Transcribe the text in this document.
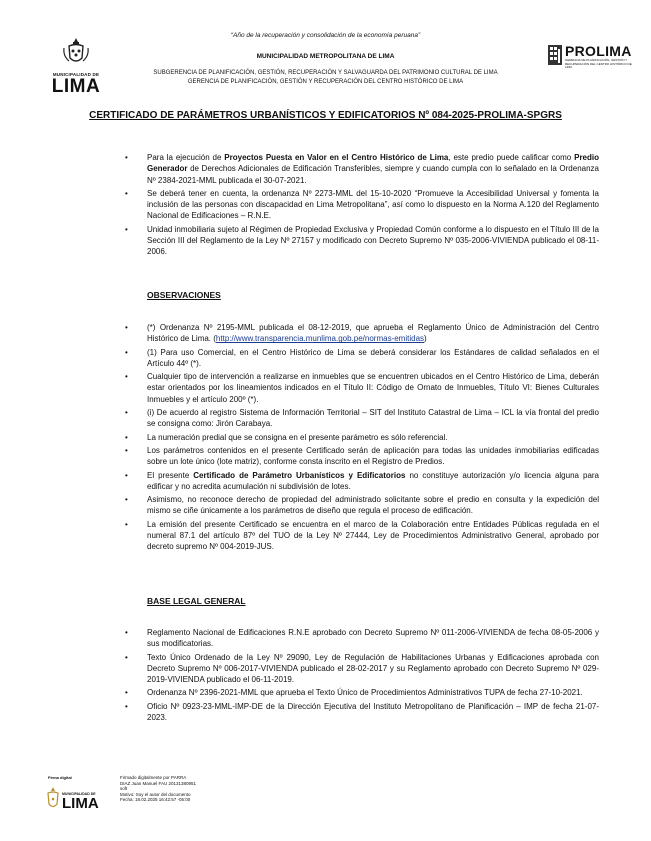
“Año de la recuperación y consolidación de la economía peruana”
MUNICIPALIDAD DE
LIMA
MUNICIPALIDAD METROPOLITANA DE LIMA
SUBGERENCIA DE PLANIFICACIÓN, GESTIÓN, RECUPERACIÓN Y SALVAGUARDA DEL PATRIMONIO CULTURAL DE LIMA
GERENCIA DE PLANIFICACIÓN, GESTIÓN Y RECUPERACIÓN DEL CENTRO HISTÓRICO DE LIMA
PROLIMA
GERENCIA DE PLANIFICACIÓN, GESTIÓN Y RECUPERACIÓN DEL CENTRO HISTÓRICO DE LIMA
CERTIFICADO DE PARÁMETROS URBANÍSTICOS Y EDIFICATORIOS Nº 084-2025-PROLIMA-SPGRS
• Para la ejecución de Proyectos Puesta en Valor en el Centro Histórico de Lima, este predio puede calificar como Predio Generador de Derechos Adicionales de Edificación Transferibles, siempre y cuando cumpla con lo señalado en la Ordenanza Nº 2384-2021-MML publicada el 30-07-2021.
• Se deberá tener en cuenta, la ordenanza Nº 2273-MML del 15-10-2020 “Promueve la Accesibilidad Universal y fomenta la inclusión de las personas con discapacidad en Lima Metropolitana”, así como lo dispuesto en la Norma A.120 del Reglamento Nacional de Edificaciones – R.N.E.
• Unidad inmobiliaria sujeto al Régimen de Propiedad Exclusiva y Propiedad Común conforme a lo dispuesto en el Título III de la Sección III del Reglamento de la Ley Nº 27157 y modificado con Decreto Supremo Nº 035-2006-VIVIENDA publicado el 08-11-2006.
OBSERVACIONES
• (*) Ordenanza Nº 2195-MML publicada el 08-12-2019, que aprueba el Reglamento Único de Administración del Centro Histórico de Lima. (http://www.transparencia.munlima.gob.pe/normas-emitidas)
• (1) Para uso Comercial, en el Centro Histórico de Lima se deberá considerar los Estándares de calidad señalados en el Artículo 44º (*).
• Cualquier tipo de intervención a realizarse en inmuebles que se encuentren ubicados en el Centro Histórico de Lima, deberán estar orientados por los lineamientos indicados en el Título II: Código de Ornato de Inmuebles, Título VI: Bienes Culturales Inmuebles y el artículo 200º (*).
• (i) De acuerdo al registro Sistema de Información Territorial – SIT del Instituto Catastral de Lima – ICL la vía frontal del predio se consigna como: Jirón Carabaya.
• La numeración predial que se consigna en el presente parámetro es sólo referencial.
• Los parámetros contenidos en el presente Certificado serán de aplicación para todas las unidades inmobiliarias edificadas sobre un lote único (lote matriz), conforme consta inscrito en el Registro de Predios.
• El presente Certificado de Parámetro Urbanísticos y Edificatorios no constituye autorización y/o licencia alguna para edificar y no acredita acumulación ni subdivisión de lotes.
• Asimismo, no reconoce derecho de propiedad del administrado solicitante sobre el predio en consulta y la expedición del mismo se ciñe únicamente a los parámetros de diseño que regula el proceso de edificación.
• La emisión del presente Certificado se encuentra en el marco de la Colaboración entre Entidades Públicas regulada en el numeral 87.1 del artículo 87º del TUO de la Ley Nº 27444, Ley de Procedimientos Administrativo General, aprobado por decreto supremo Nº 004-2019-JUS.
BASE LEGAL GENERAL
• Reglamento Nacional de Edificaciones R.N.E aprobado con Decreto Supremo Nº 011-2006-VIVIENDA de fecha 08-05-2006 y sus modificatorias.
• Texto Único Ordenado de la Ley Nº 29090, Ley de Regulación de Habilitaciones Urbanas y Edificaciones aprobada con Decreto Supremo Nº 006-2017-VIVIENDA publicado el 28-02-2017 y su Reglamento aprobado con Decreto Supremo Nº 029-2019-VIVIENDA publicado el 06-11-2019.
• Ordenanza Nº 2396-2021-MML que aprueba el Texto Único de Procedimientos Administrativos TUPA de fecha 27-10-2021.
• Oficio Nº 0923-23-MML-IMP-DE de la Dirección Ejecutiva del Instituto Metropolitano de Planificación – IMP de fecha 21-07-2023.
Firma digital
MUNICIPALIDAD DE
LIMA
Firmado digitalmente por PARRA
DIAZ Juan Manuel FAU 20131380951
soft
Motivo: Soy el autor del documento
Fecha: 18.02.2025 16:42:57 -05:00
